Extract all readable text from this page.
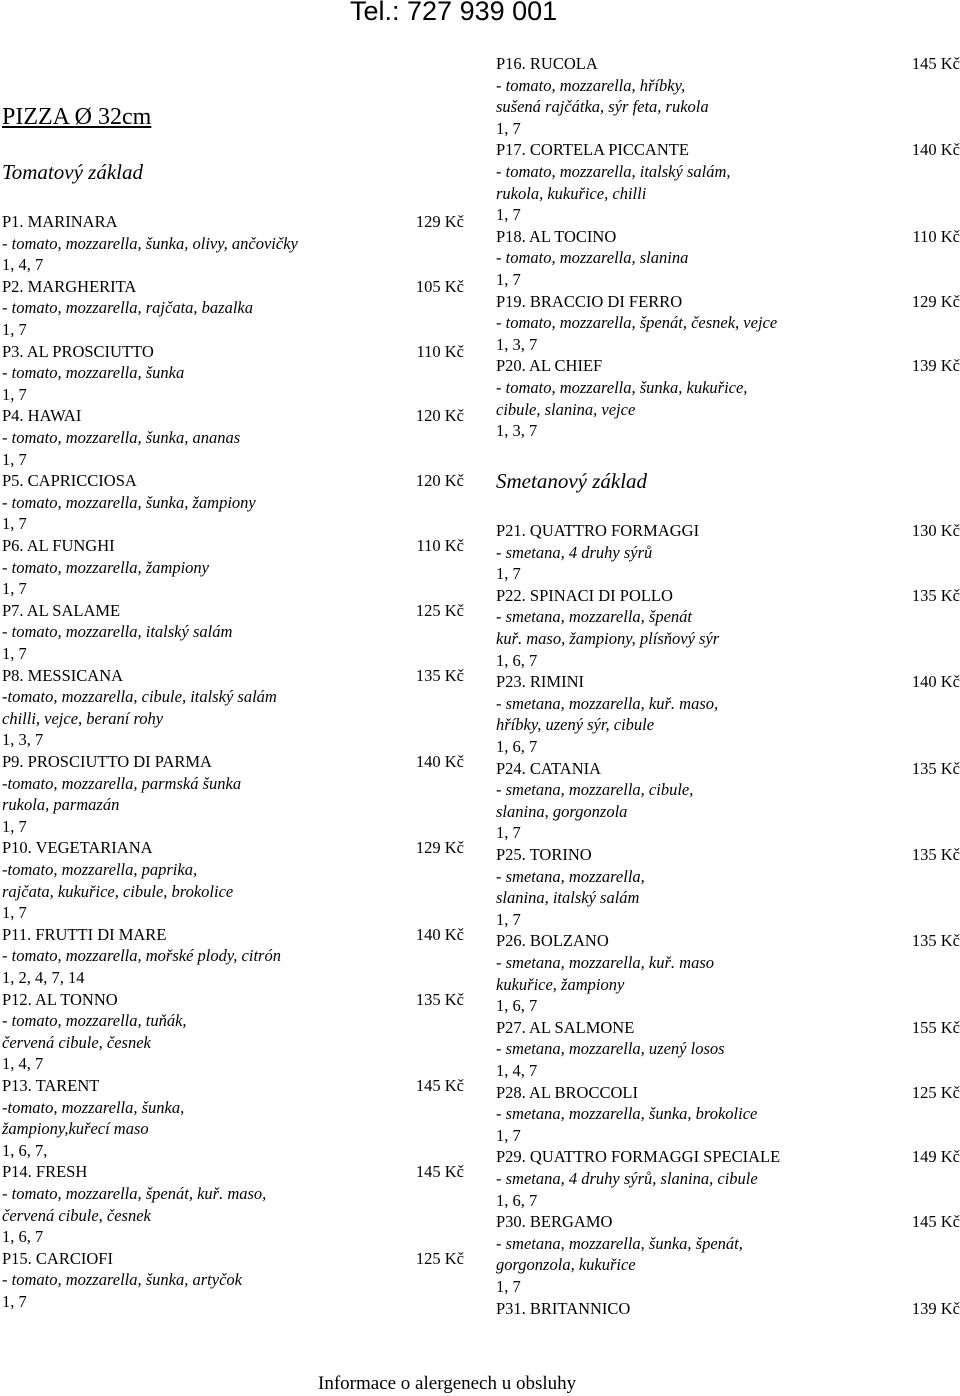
Tel.: 727 939 001
PIZZA Ø 32cm
Tomatový základ
Smetanový základ
P1. MARINARA	129 Kč
- tomato, mozzarella, šunka, olivy, ančovičky
1, 4, 7
P2. MARGHERITA	105 Kč
- tomato, mozzarella, rajčata, bazalka
1, 7
P3. AL PROSCIUTTO	110 Kč
- tomato, mozzarella, šunka
1, 7
P4. HAWAI	120 Kč
- tomato, mozzarella, šunka, ananas
1, 7
P5. CAPRICCIOSA	120 Kč
- tomato, mozzarella, šunka, žampiony
1, 7
P6. AL FUNGHI	110 Kč
- tomato, mozzarella, žampiony
1, 7
P7. AL SALAME	125 Kč
- tomato, mozzarella, italský salám
1, 7
P8. MESSICANA	135 Kč
-tomato, mozzarella, cibule, italský salám
chilli, vejce, beraní rohy
1, 3, 7
P9. PROSCIUTTO DI PARMA	140 Kč
-tomato, mozzarella, parmská šunka
rukola, parmazán
1, 7
P10. VEGETARIANA	129 Kč
-tomato, mozzarella, paprika,
rajčata, kukuřice, cibule, brokolice
1, 7
P11. FRUTTI DI MARE	140 Kč
- tomato, mozzarella, mořské plody, citrón
1, 2, 4, 7, 14
P12. AL TONNO	135 Kč
- tomato, mozzarella, tuňák,
červená cibule, česnek
1, 4, 7
P13. TARENT	145 Kč
-tomato, mozzarella, šunka,
žampiony,kuřecí maso
1, 6, 7,
P14. FRESH	145 Kč
- tomato, mozzarella, špenát, kuř. maso,
červená cibule, česnek
1, 6, 7
P15. CARCIOFI	125 Kč
- tomato, mozzarella, šunka, artyčok
1, 7
P16. RUCOLA	145 Kč
- tomato, mozzarella, hříbky,
sušená rajčátka, sýr feta, rukola
1, 7
P17. CORTELA PICCANTE	140 Kč
- tomato, mozzarella, italský salám,
rukola, kukuřice, chilli
1, 7
P18. AL TOCINO	110 Kč
- tomato, mozzarella, slanina
1, 7
P19. BRACCIO DI FERRO	129 Kč
- tomato, mozzarella, špenát, česnek, vejce
1, 3, 7
P20. AL CHIEF	139 Kč
- tomato, mozzarella, šunka, kukuřice,
cibule, slanina, vejce
1, 3, 7
P21. QUATTRO FORMAGGI	130 Kč
- smetana, 4 druhy sýrů
1, 7
P22. SPINACI DI POLLO	135 Kč
- smetana, mozzarella, špenát
kuř. maso, žampiony, plísňový sýr
1, 6, 7
P23. RIMINI	140 Kč
- smetana, mozzarella, kuř. maso,
hříbky, uzený sýr, cibule
1, 6, 7
P24. CATANIA	135 Kč
- smetana, mozzarella, cibule,
slanina, gorgonzola
1, 7
P25. TORINO	135 Kč
- smetana, mozzarella,
slanina, italský salám
1, 7
P26. BOLZANO	135 Kč
- smetana, mozzarella, kuř. maso
kukuřice, žampiony
1, 6, 7
P27. AL SALMONE	155 Kč
- smetana, mozzarella, uzený losos
1, 4, 7
P28. AL BROCCOLI	125 Kč
- smetana, mozzarella, šunka, brokolice
1, 7
P29. QUATTRO FORMAGGI SPECIALE	149 Kč
- smetana, 4 druhy sýrů, slanina, cibule
1, 6, 7
P30. BERGAMO	145 Kč
- smetana, mozzarella, šunka, špenát,
gorgonzola, kukuřice
1, 7
P31. BRITANNICO	139 Kč
Informace o alergenech u obsluhy
